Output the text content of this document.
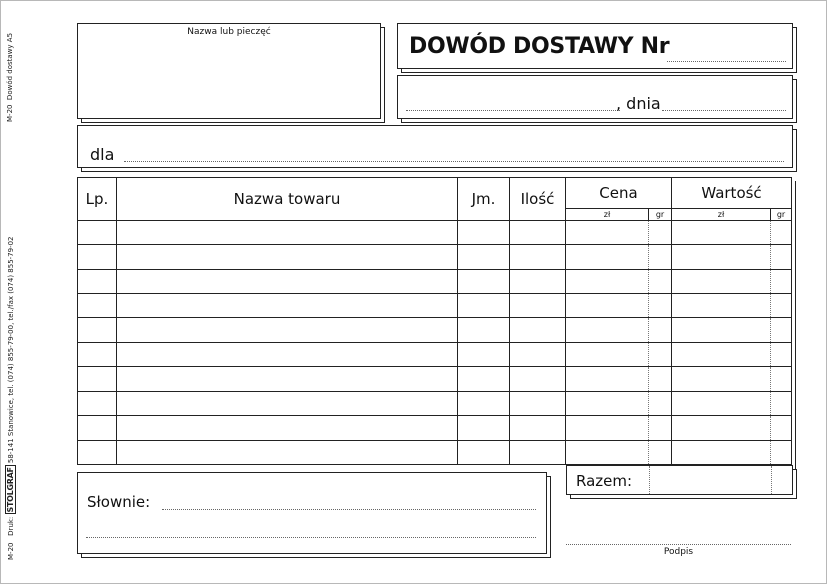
M-20  Dowód dostawy A5
M-20   Druk: STOLGRAF 58-141 Stanowice, tel. (074) 855-79-00, tel./fax (074) 855-79-02
Nazwa lub pieczęć
DOWÓD DOSTAWY Nr
, dnia
dla
Lp.	Nazwa towaru	Jm.	Ilość	Cena		Wartość	
				zł	gr	zł	gr

Razem:
Słownie:
Podpis
